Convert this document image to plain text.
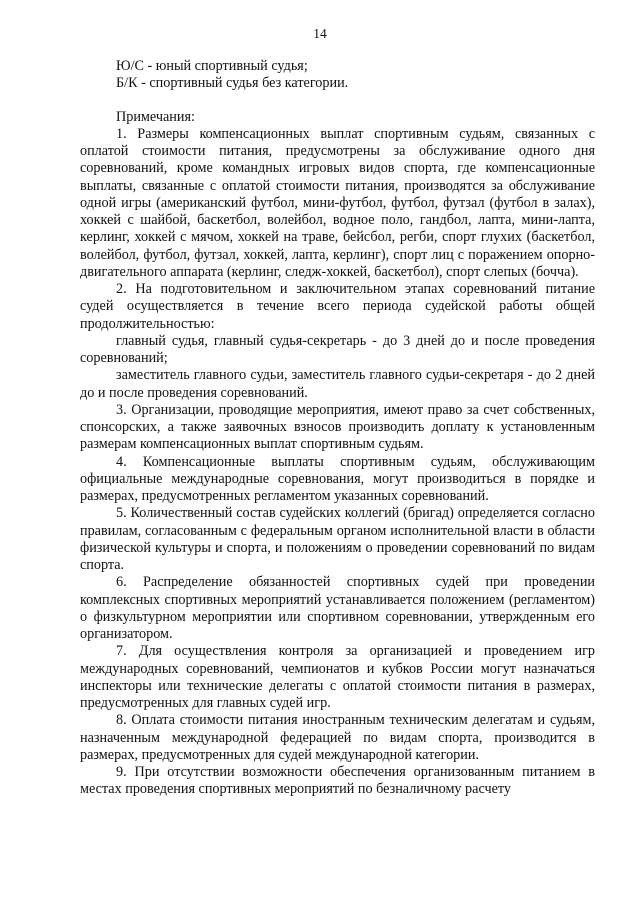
14

Ю/С - юный спортивный судья;

Б/К - спортивный судья без категории.

Примечания:

1. Размеры компенсационных выплат спортивным судьям, связанных с оплатой стоимости питания, предусмотрены за обслуживание одного дня соревнований, кроме командных игровых видов спорта, где компенсационные выплаты, связанные с оплатой стоимости питания, производятся за обслуживание одной игры (американский футбол, мини-футбол, футбол, футзал (футбол в залах), хоккей с шайбой, баскетбол, волейбол, водное поло, гандбол, лапта, мини-лапта, керлинг, хоккей с мячом, хоккей на траве, бейсбол, регби, спорт глухих (баскетбол, волейбол, футбол, футзал, хоккей, лапта, керлинг), спорт лиц с поражением опорно-двигательного аппарата (керлинг, следж-хоккей, баскетбол), спорт слепых (бочча).

2. На подготовительном и заключительном этапах соревнований питание судей осуществляется в течение всего периода судейской работы общей продолжительностью:

главный судья, главный судья-секретарь - до 3 дней до и после проведения соревнований;

заместитель главного судьи, заместитель главного судьи-секретаря - до 2 дней до и после проведения соревнований.

3. Организации, проводящие мероприятия, имеют право за счет собственных, спонсорских, а также заявочных взносов производить доплату к установленным размерам компенсационных выплат спортивным судьям.

4. Компенсационные выплаты спортивным судьям, обслуживающим официальные международные соревнования, могут производиться в порядке и размерах, предусмотренных регламентом указанных соревнований.

5. Количественный состав судейских коллегий (бригад) определяется согласно правилам, согласованным с федеральным органом исполнительной власти в области физической культуры и спорта, и положениям о проведении соревнований по видам спорта.

6. Распределение обязанностей спортивных судей при проведении комплексных спортивных мероприятий устанавливается положением (регламентом) о физкультурном мероприятии или спортивном соревновании, утвержденным его организатором.

7. Для осуществления контроля за организацией и проведением игр международных соревнований, чемпионатов и кубков России могут назначаться инспекторы или технические делегаты с оплатой стоимости питания в размерах, предусмотренных для главных судей игр.

8. Оплата стоимости питания иностранным техническим делегатам и судьям, назначенным международной федерацией по видам спорта, производится в размерах, предусмотренных для судей международной категории.

9. При отсутствии возможности обеспечения организованным питанием в местах проведения спортивных мероприятий по безналичному расчету
